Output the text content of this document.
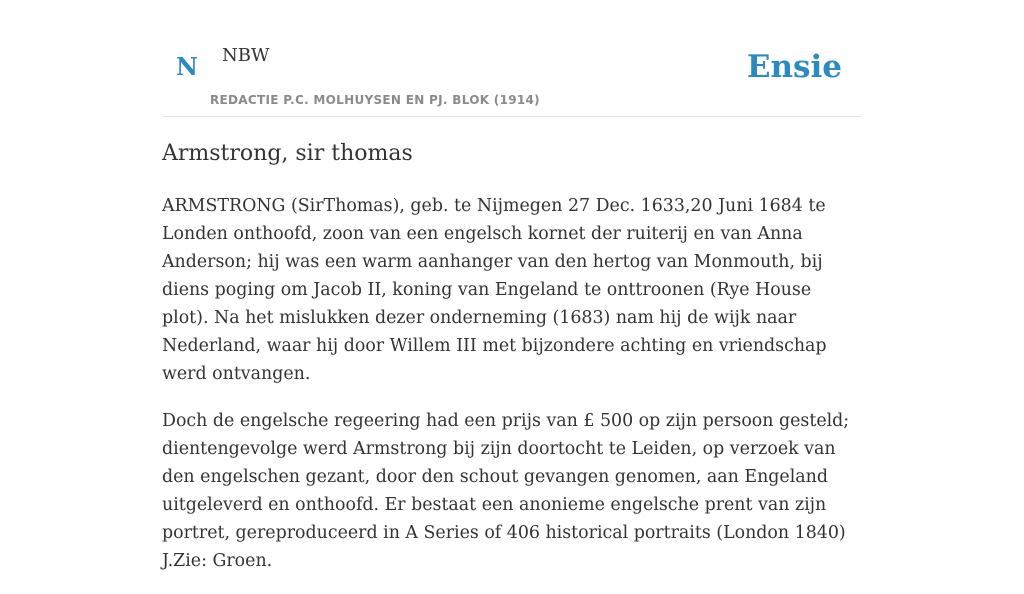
N NBW
REDACTIE P.C. MOLHUYSEN EN PJ. BLOK (1914)
Ensie
Armstrong, sir thomas

ARMSTRONG (SirThomas), geb. te Nijmegen 27 Dec. 1633,20 Juni 1684 te Londen onthoofd, zoon van een engelsch kornet der ruiterij en van Anna Anderson; hij was een warm aanhanger van den hertog van Monmouth, bij diens poging om Jacob II, koning van Engeland te onttroonen (Rye House plot). Na het mislukken dezer onderneming (1683) nam hij de wijk naar Nederland, waar hij door Willem III met bijzondere achting en vriendschap werd ontvangen.

Doch de engelsche regeering had een prijs van £ 500 op zijn persoon gesteld; dientengevolge werd Armstrong bij zijn doortocht te Leiden, op verzoek van den engelschen gezant, door den schout gevangen genomen, aan Engeland uitgeleverd en onthoofd. Er bestaat een anonieme engelsche prent van zijn portret, gereproduceerd in A Series of 406 historical portraits (London 1840) J.Zie: Groen.
